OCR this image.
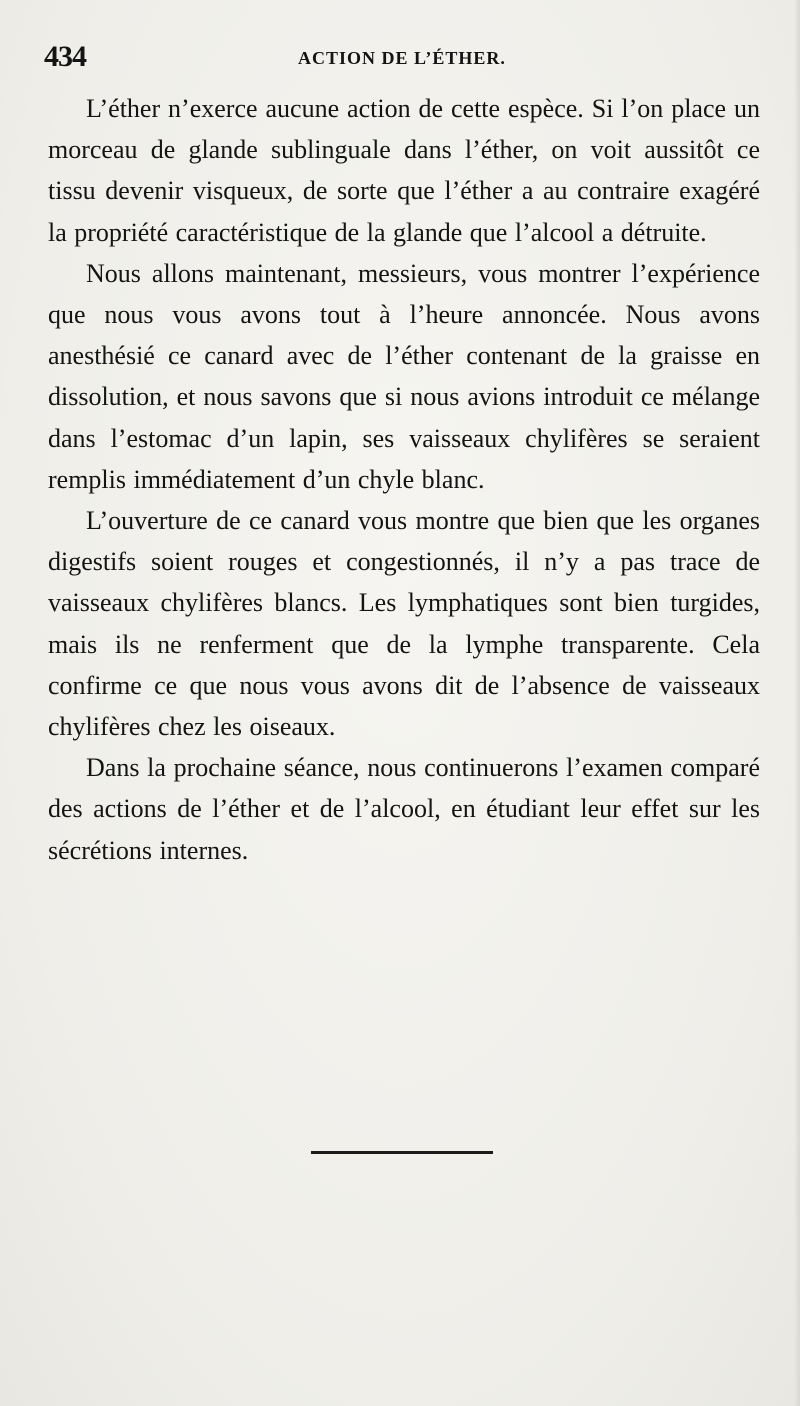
434	ACTION DE L’ÉTHER.

L’éther n’exerce aucune action de cette espèce. Si l’on place un morceau de glande sublinguale dans l’éther, on voit aussitôt ce tissu devenir visqueux, de sorte que l’éther a au contraire exagéré la propriété caractéristique de la glande que l’alcool a détruite.

Nous allons maintenant, messieurs, vous montrer l’expérience que nous vous avons tout à l’heure annoncée. Nous avons anesthésié ce canard avec de l’éther contenant de la graisse en dissolution, et nous savons que si nous avions introduit ce mélange dans l’estomac d’un lapin, ses vaisseaux chylifères se seraient remplis immédiatement d’un chyle blanc.

L’ouverture de ce canard vous montre que bien que les organes digestifs soient rouges et congestionnés, il n’y a pas trace de vaisseaux chylifères blancs. Les lymphatiques sont bien turgides, mais ils ne renferment que de la lymphe transparente. Cela confirme ce que nous vous avons dit de l’absence de vaisseaux chylifères chez les oiseaux.

Dans la prochaine séance, nous continuerons l’examen comparé des actions de l’éther et de l’alcool, en étudiant leur effet sur les sécrétions internes.
